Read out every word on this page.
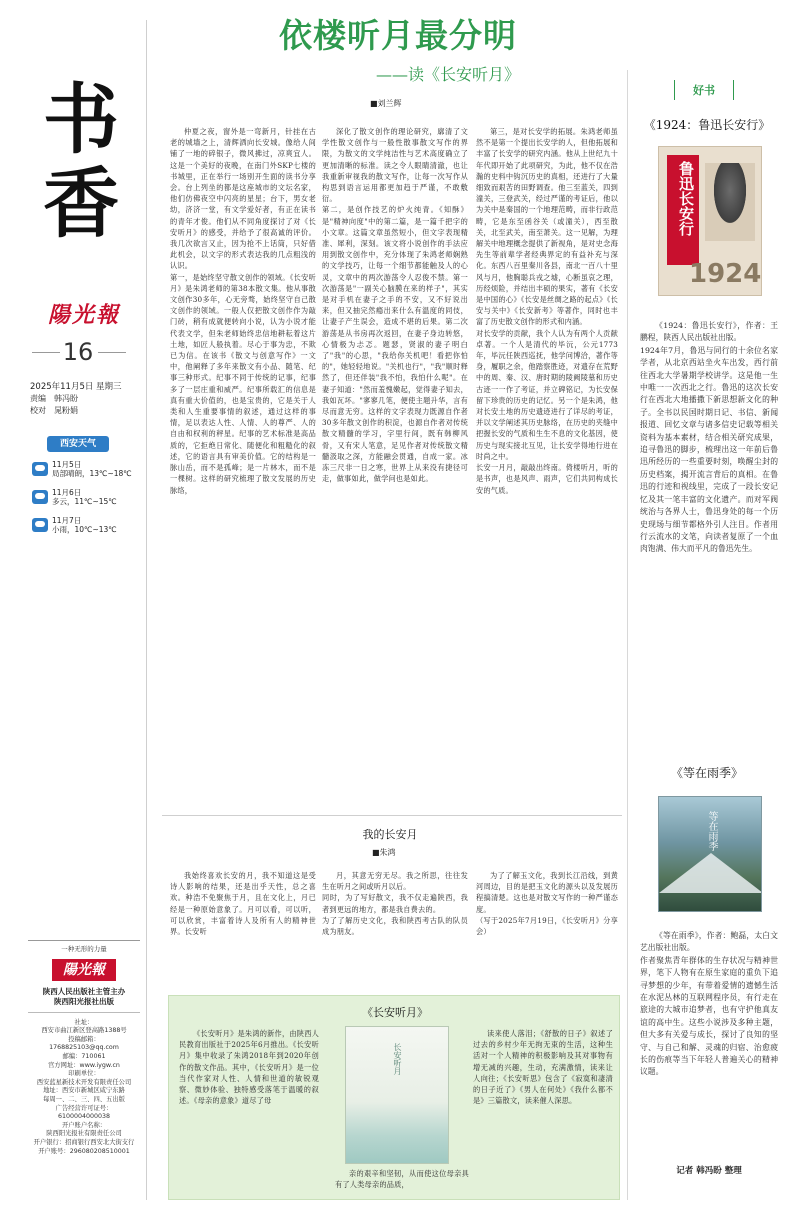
书
香
陽光報
16
2025年11月5日 星期三
责编　韩冯盼
校对　晁粉娟
西安天气
11月5日
局部晴朗，13℃~18℃
11月6日
多云，11℃~15℃
11月7日
小雨，10℃~13℃
一种无形的力量
陽光報
陕西人民出版社主管主办
陕西阳光报社出版
社址：
西安市曲江新区登高路1388号
投稿邮箱：
1768825103@qq.com
邮编：710061
官方网址：www.iygw.cn
印刷单位：
西安蓝星新技术开发有限责任公司
地址：西安市新城区咸宁东路
每周一、二、三、四、五出版
广告经营许可证号：
6100004000038
开户账户名称：
陕西阳光报社有限责任公司
开户银行：招商银行西安北大街支行
开户账号：296080208510001
依楼听月最分明
——读《长安听月》
■刘兰辉
仲夏之夜，窗外是一弯新月，针挂在古老的城墙之上，清辉洒向长安城。像给人间铺了一地的碎银子，微风拂过，凉爽宜人。这是一个美好的夜晚，在南门外SKP七楼的书城里，正在举行一场别开生面的读书分享会。台上列坐的都是这座城市的文坛名家，他们仿佛夜空中闪亮的星星；台下，男女老幼，济济一堂，有文学爱好者，有正在读书的青年才俊。他们从不同角度探讨了对《长安听月》的感受，并给予了很高诚的评价。我几次欲言又止，因为抢不上话筒，只好借此机会，以文字的形式表达我的几点粗浅的认识。
第一，是始终坚守散文创作的领域。《长安听月》是朱鸿老师的第38本散文集。他从事散文创作30多年，心无旁骛，始终坚守自己散文创作的领域。一般人仅把散文创作作为敲门砖，稍有成就便转向小说，认为小说才能代表文学，但朱老师始终忠信地耕耘着这片土地，如匠人般执着。尽心于事为忠，不欺已为信。在该书《散文与创意写作》一文中，他阐释了多年来散文有小品、随笔、纪事三种形式。纪事不同于传统的记事，纪事多了一层庄重和威严。纪事所载汇的信息是真有重大价值的，也是宝贵的，它是关于人类和人生重要事情的叙述，通过这样的事情，足以表达人性、人情、人的尊严、人的自由和权利的秤星。纪事的艺术标准是高品质的，它拒绝日常化、随便化和粗糙化的叙述，它的语言具有审美价值。它的结构是一脉山岳，而不是孤峰；是一片林木，而不是一棵树。这样的研究梳理了散文发展的历史脉络，
深化了散文创作的理论研究，廓清了文学性散文创作与一般性散事散文写作的界限，为散文的文学纯洁性与艺术高度确立了更加清晰的标准。读之令人眼睛清澈，也让我重新审视我的散文写作，让每一次写作从构思到语言运用都更加趋于严谨，不敢敷衍。
第二，是创作技艺的炉火纯青。《知酥》是"精神向度"中的第二篇，是一篇千把字的小文章。这篇文章虽然短小，但文字表现精准、犀利，深刻。该文将小说创作的手法应用到散文创作中，充分体现了朱鸿老师娴熟的文学技巧，让每一个细节都能触及人的心灵，文章中的两次游荡令人忍俊不禁。第一次游荡是"一副关心脑膜在来的样子"，其实是对手机在妻子之手的不安，又不好说出来，但又抽完然瘾出来什么有温度的同伎，让妻子产生误会，造成不堪的后果。第二次游荡是从书房再次返回，在妻子身边转悠，心情极为忐忑。题瑟，贤淑的妻子明白了"我"的心思，"我给你关机吧！看把你怕的"，她轻轻地说。"关机也行"，"我"顺时释然了，但还佯装"我不怕，我怕什么呢"。在妻子知道："然而羞愧嫩起，觉得妻子知去，我如瓦坏。"寥寥几笔，便使主题升华，言有尽而意无穷。这样的文字表现力既源自作者30多年散文创作的积淀，也源自作者对传统散文精髓的学习，字里行间，既有韩柳风骨，又有宋人笔意，足见作者对传统散文精髓汲取之深，方能融会贯通，自成一家。冰冻三尺非一日之寒，世界上从来没有捷径可走，做事如此，做学问也是如此。
第三，是对长安学的拓展。朱鸿老师虽然不是第一个提出长安学的人，但他拓展和丰富了长安学的研究内涵。他从上世纪九十年代即开始了此项研究，为此，他不仅在浩瀚的史料中钩沉历史的真相，还进行了大量细致而艰苦的田野调查。他三至蓝关，四到潼关，三登武关，经过严谨的考证后，他以为关中是秦国的一个地理范畴，而非行政范畴，它是东至函谷关（或潼关），西至散关，北至武关，南至萧关。这一见解，为理解关中地理概念提供了新视角，是对史念海先生等前辈学者经典界定的有益补充与深化。东西八百里秦川各县，南北一百八十里风与月，他胸聪兵戎之墟，心断虽哀之理，历经烦险，并结出丰硕的果实，著有《长安是中国的心》《长安是丝绸之路的起点》《长安与关中》《长安新考》等著作，同时也丰富了历史散文创作的形式和内涵。
对长安学的贡献，我个人认为有两个人贡献卓著。一个人是清代的毕沅，公元1773年，毕沅任陕西巡抚，他学问博洽，著作等身，履职之余，他踏察胜迹，对遗存在荒野中的周、秦、汉、唐时期的陵阙陵墓和历史古迹一一作了考证，并立碑铭记，为长安保留下珍贵的历史的记忆。另一个是朱鸿，他对长安土地的历史遗迹进行了详尽的考证，并以文学阐述其历史脉络，在历史的夹缝中把握长安的气质和生生不息的文化基因，使历史与现实接北互见，让长安学得地行进在时尚之中。
长安一月月，敲敲出终南。倚楼听月，听的是书声，也是风声、雨声，它们共同构成长安的气质。
我的长安月
■朱鸿
我始终喜欢长安的月，我不知道这是受诗人影响的结果，还是出乎天性，总之喜欢。种浩不免聚焦于月，且在文化上，月已经是一种原始意象了。月可以看，可以听，可以欣赏，丰富着诗人及所有人的精神世界。长安听
月，其意无穷无尽。我之所思，往往发生在听月之间或听月以后。
同时，为了写好散文，我不仅走遍陕西，我者到更远的地方，都是我自费去的。
为了了解历史文化，我和陕西考古队的队员成为朋友。
为了了解玉文化，我到长江沿线，到黄河周边，目的是把玉文化的源头以及发展历程搞清楚。这也是对散文写作的一种严谨态度。
（写于2025年7月19日，《长安听月》分享会）
《长安听月》
《长安听月》是朱鸿的新作，由陕西人民教育出版社于2025年6月推出。《长安听月》集中收录了朱鸿2018年到2020年创作的散文作品。其中，《长安听月》是一位当代作家对人性、人情和世道的敏锐观察、微妙体验、独特感受落笔于温暖的叙述。《母亲的意象》道尽了母
长安听月
亲的艰辛和坚韧，从而使这位母亲具有了人类母亲的品质，
读来使人落泪；《舒散的日子》叙述了过去的乡村少年无拘无束的生活，这种生活对一个人精神的积极影响及其对事物有增无减的兴趣，生动，充满激情，读来让人向往；《长安听思》包含了《寂寞和凄清的日子近了》《男人在何处》《我什么都不是》三篇散文，读来催人深思。
好书
《1924：鲁迅长安行》
鲁迅长安行
1924
《1924：鲁迅长安行》，作者：王鹏程，陕西人民出版社出版。
1924年7月，鲁迅与同行的十余位名家学者，从北京西站坐火车出发，西行前往西北大学暑期学校讲学。这是他一生中唯一一次西北之行。鲁迅的这次长安行在西北大地播撒下新思想新文化的种子。全书以民国时期日记、书信、新闻报道、回忆文章与诸多信史记载等相关资料为基本素材，结合相关研究成果，追寻鲁迅的脚步，梳理出这一年前后鲁迅所经历的一些重要时刻，唤醒尘封的历史档案，揭开流言背后的真相。在鲁迅的行迹和视线里，完成了一段长安记忆及其一笔丰富的文化遗产。而对军阀统治与各界人士，鲁迅身处的每一个历史现场与细节都格外引人注目。作者用行云流水的文笔，向读者复原了一个血肉饱满、伟大而平凡的鲁迅先生。
《等在雨季》
等在雨季
《等在雨季》，作者：鲍磊，太白文艺出版社出版。
作者聚焦青年群体的生存状况与精神世界，笔下人物有在原生家庭的重负下追寻梦想的少年，有带着爱情的遗憾生活在水泥丛林的互联网程序员，有行走在旅途的大城市追梦者，也有守护他真友谊的高中生。这些小说涉及多种主题，但大多有关爱与成长，探讨了良知的坚守、与自己和解、灵魂的归宿、治愈疲长的伤痕等当下年轻人普遍关心的精神议题。
记者 韩冯盼 整理
